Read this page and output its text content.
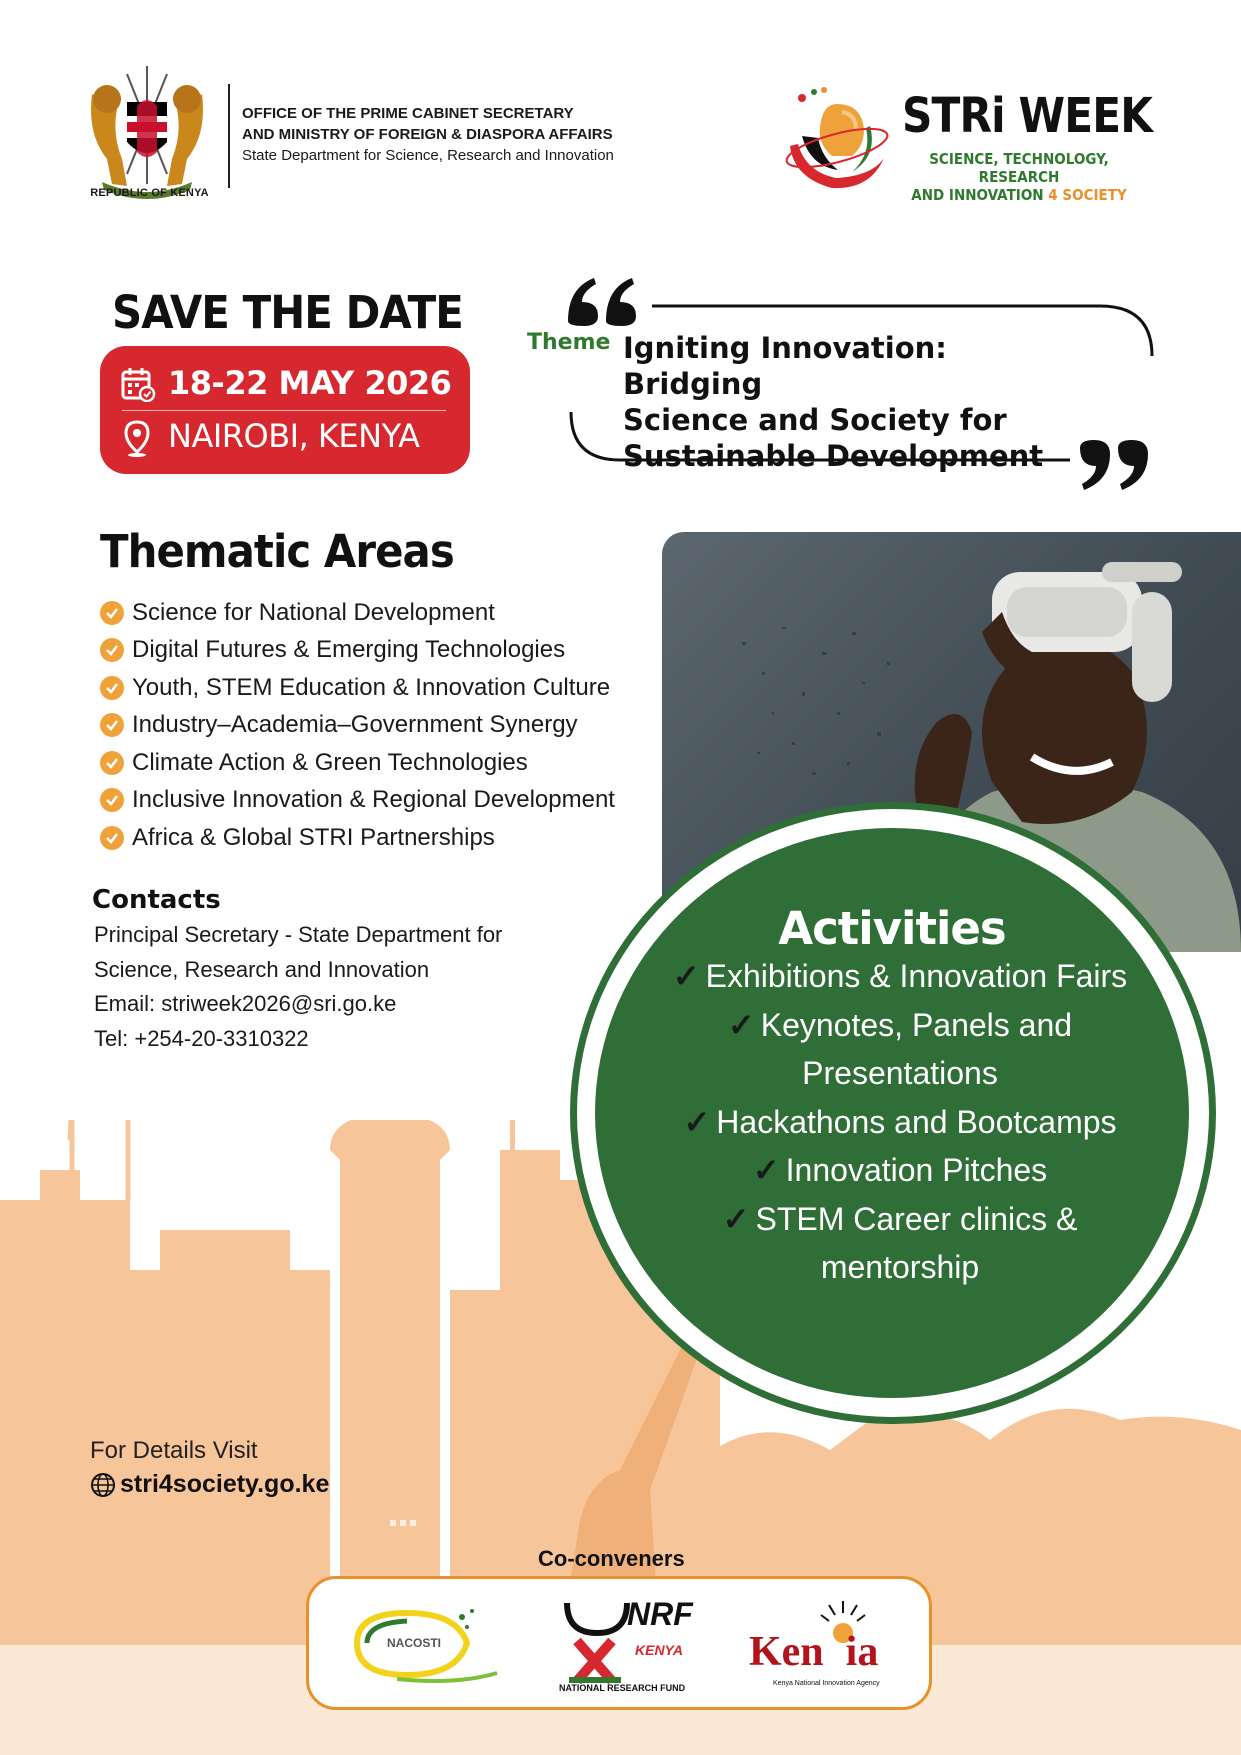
REPUBLIC OF KENYA
OFFICE OF THE PRIME CABINET SECRETARY
AND MINISTRY OF FOREIGN & DIASPORA AFFAIRS
State Department for Science, Research and Innovation
STRi WEEK
SCIENCE, TECHNOLOGY, RESEARCH
AND INNOVATION 4 SOCIETY
SAVE THE DATE
18-22 MAY 2026
NAIROBI, KENYA
Theme Igniting Innovation: Bridging
Science and Society for
Sustainable Development
Thematic Areas
Science for National Development
Digital Futures & Emerging Technologies
Youth, STEM Education & Innovation Culture
Industry–Academia–Government Synergy
Climate Action & Green Technologies
Inclusive Innovation & Regional Development
Africa & Global STRI Partnerships
Contacts
Principal Secretary - State Department for
Science, Research and Innovation
Email: striweek2026@sri.go.ke
Tel: +254-20-3310322
Activities
✓ Exhibitions & Innovation Fairs
✓ Keynotes, Panels and
Presentations
✓ Hackathons and Bootcamps
✓ Innovation Pitches
✓ STEM Career clinics &
mentorship
For Details Visit
stri4society.go.ke
Co-conveners
NACOSTI
NRF
KENYA
NATIONAL RESEARCH FUND
Ken ia
Kenya National Innovation Agency
